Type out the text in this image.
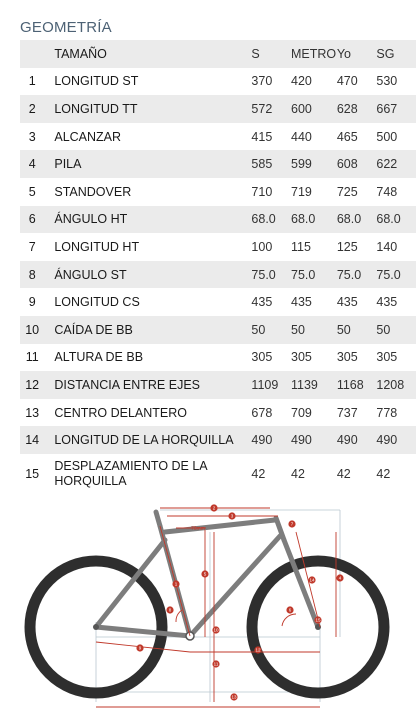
GEOMETRÍA
	TAMAÑO	S	METRO	Yo	SG
1	LONGITUD ST	370	420	470	530
2	LONGITUD TT	572	600	628	667
3	ALCANZAR	415	440	465	500
4	PILA	585	599	608	622
5	STANDOVER	710	719	725	748
6	ÁNGULO HT	68.0	68.0	68.0	68.0
7	LONGITUD HT	100	115	125	140
8	ÁNGULO ST	75.0	75.0	75.0	75.0
9	LONGITUD CS	435	435	435	435
10	CAÍDA DE BB	50	50	50	50
11	ALTURA DE BB	305	305	305	305
12	DISTANCIA ENTRE EJES	1109	1139	1168	1208
13	CENTRO DELANTERO	678	709	737	778
14	LONGITUD DE LA HORQUILLA	490	490	490	490
15	DESPLAZAMIENTO DE LA HORQUILLA	42	42	42	42
70mm
1
2
3
4
5
6
7
8
9
10
11
12
13
14
15
